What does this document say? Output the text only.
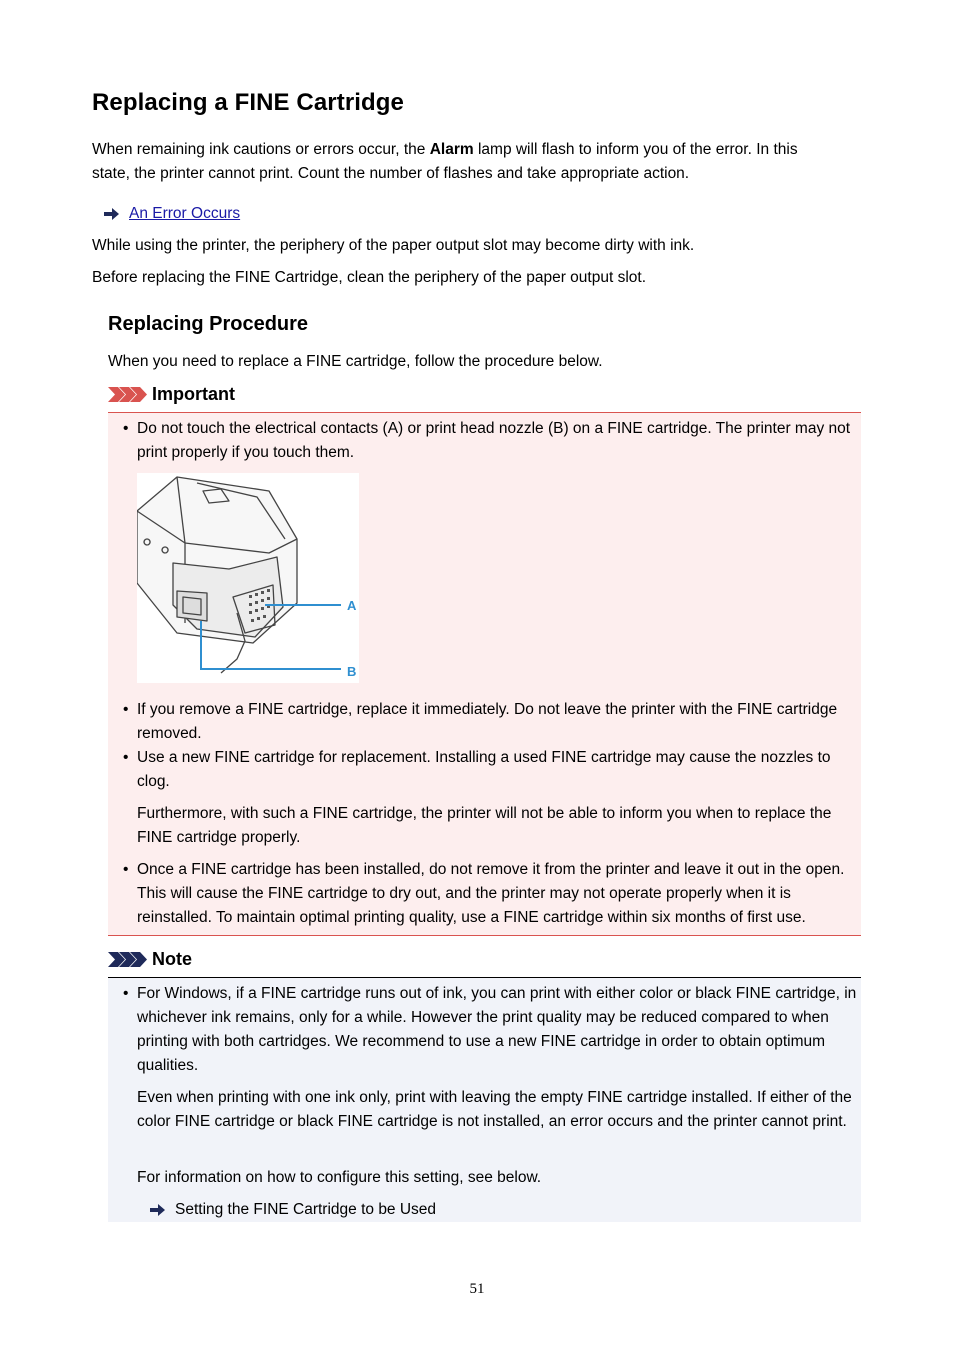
Replacing a FINE Cartridge

When remaining ink cautions or errors occur, the Alarm lamp will flash to inform you of the error. In this
state, the printer cannot print. Count the number of flashes and take appropriate action.

An Error Occurs

While using the printer, the periphery of the paper output slot may become dirty with ink.

Before replacing the FINE Cartridge, clean the periphery of the paper output slot.

Replacing Procedure

When you need to replace a FINE cartridge, follow the procedure below.

Important
• Do not touch the electrical contacts (A) or print head nozzle (B) on a FINE cartridge. The printer may not print properly if you touch them.

A
B
• If you remove a FINE cartridge, replace it immediately. Do not leave the printer with the FINE cartridge removed.

• Use a new FINE cartridge for replacement. Installing a used FINE cartridge may cause the nozzles to clog.

Furthermore, with such a FINE cartridge, the printer will not be able to inform you when to replace the FINE cartridge properly.

• Once a FINE cartridge has been installed, do not remove it from the printer and leave it out in the open. This will cause the FINE cartridge to dry out, and the printer may not operate properly when it is reinstalled. To maintain optimal printing quality, use a FINE cartridge within six months of first use.

Note
• For Windows, if a FINE cartridge runs out of ink, you can print with either color or black FINE cartridge, in whichever ink remains, only for a while. However the print quality may be reduced compared to when printing with both cartridges. We recommend to use a new FINE cartridge in order to obtain optimum qualities.

Even when printing with one ink only, print with leaving the empty FINE cartridge installed. If either of the color FINE cartridge or black FINE cartridge is not installed, an error occurs and the printer cannot print.

For information on how to configure this setting, see below.

Setting the FINE Cartridge to be Used
51
